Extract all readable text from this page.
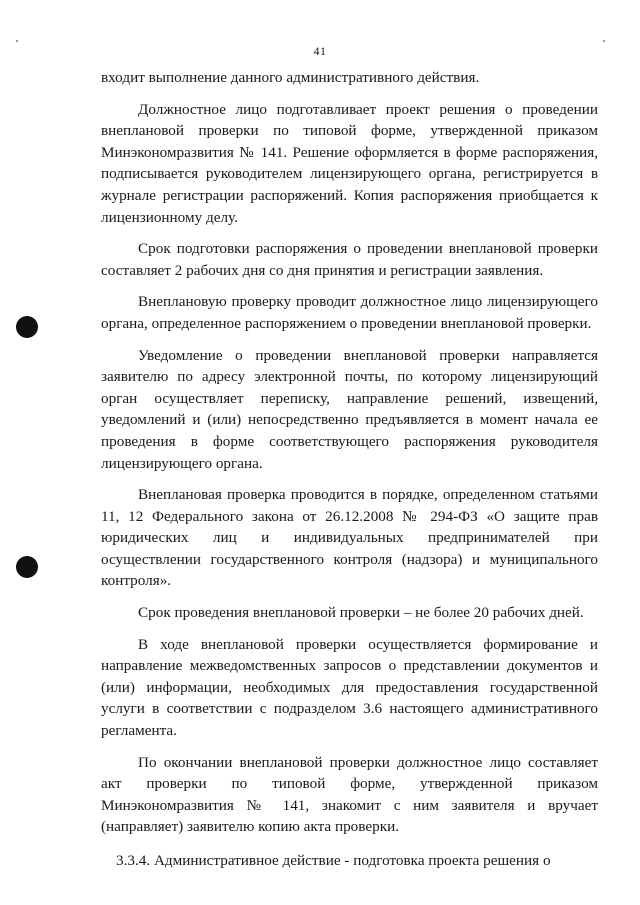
41

входит выполнение данного административного действия.

Должностное лицо подготавливает проект решения о проведении внеплановой проверки по типовой форме, утвержденной приказом Минэкономразвития № 141. Решение оформляется в форме распоряжения, подписывается руководителем лицензирующего органа, регистрируется в журнале регистрации распоряжений. Копия распоряжения приобщается к лицензионному делу.

Срок подготовки распоряжения о проведении внеплановой проверки составляет 2 рабочих дня со дня принятия и регистрации заявления.

Внеплановую проверку проводит должностное лицо лицензирующего органа, определенное распоряжением о проведении внеплановой проверки.

Уведомление о проведении внеплановой проверки направляется заявителю по адресу электронной почты, по которому лицензирующий орган осуществляет переписку, направление решений, извещений, уведомлений и (или) непосредственно предъявляется в момент начала ее проведения в форме соответствующего распоряжения руководителя лицензирующего органа.

Внеплановая проверка проводится в порядке, определенном статьями 11, 12 Федерального закона от 26.12.2008 № 294-ФЗ «О защите прав юридических лиц и индивидуальных предпринимателей при осуществлении государственного контроля (надзора) и муниципального контроля».

Срок проведения внеплановой проверки – не более 20 рабочих дней.

В ходе внеплановой проверки осуществляется формирование и направление межведомственных запросов о представлении документов и (или) информации, необходимых для предоставления государственной услуги в соответствии с подразделом 3.6 настоящего административного регламента.

По окончании внеплановой проверки должностное лицо составляет акт проверки по типовой форме, утвержденной приказом Минэкономразвития № 141, знакомит с ним заявителя и вручает (направляет) заявителю копию акта проверки.

3.3.4. Административное действие - подготовка проекта решения о
